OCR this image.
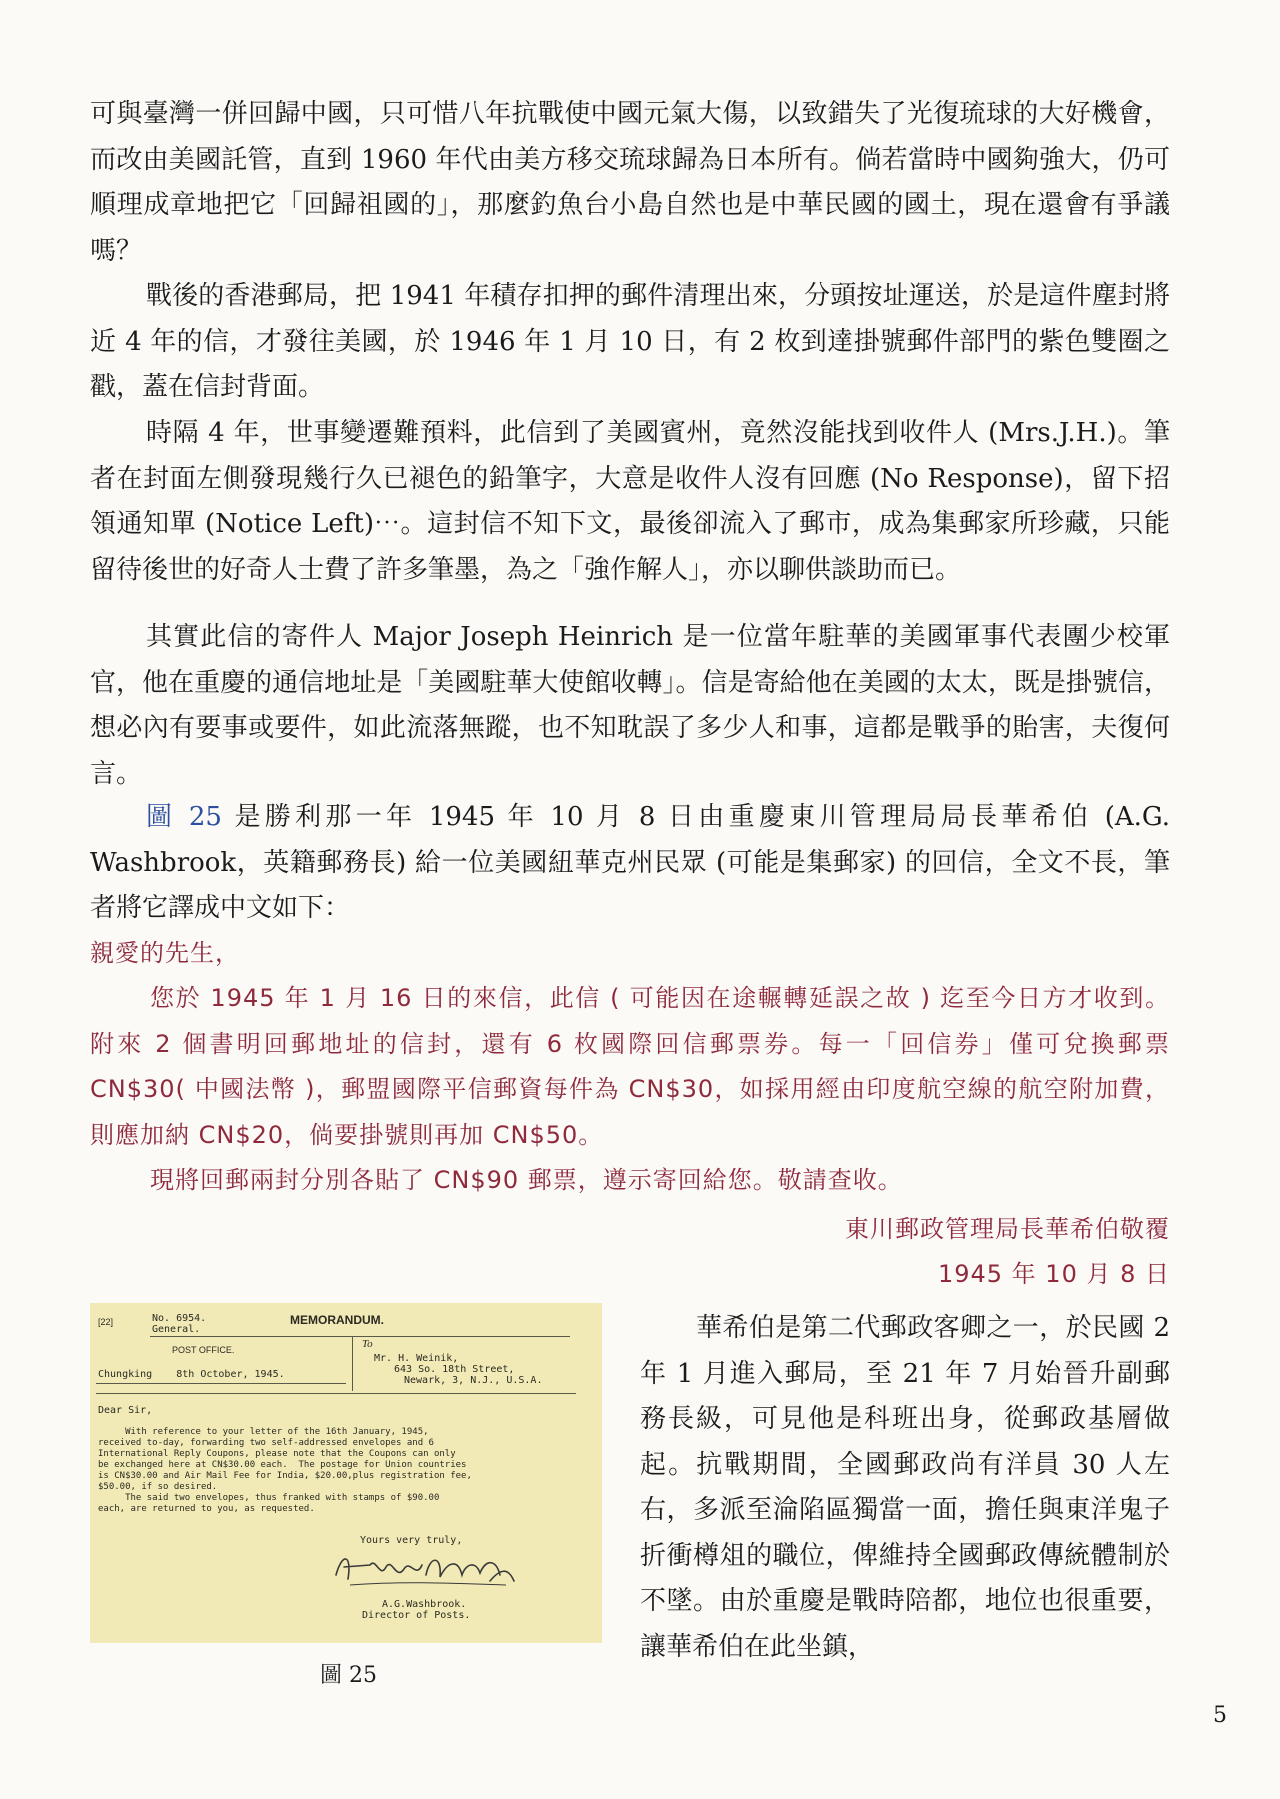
可與臺灣一併回歸中國，只可惜八年抗戰使中國元氣大傷，以致錯失了光復琉球的大好機會，而改由美國託管，直到 1960 年代由美方移交琉球歸為日本所有。倘若當時中國夠強大，仍可順理成章地把它「回歸祖國的」，那麼釣魚台小島自然也是中華民國的國土，現在還會有爭議嗎？

戰後的香港郵局，把 1941 年積存扣押的郵件清理出來，分頭按址運送，於是這件塵封將近 4 年的信，才發往美國，於 1946 年 1 月 10 日，有 2 枚到達掛號郵件部門的紫色雙圈之戳，蓋在信封背面。

時隔 4 年，世事變遷難預料，此信到了美國賓州，竟然沒能找到收件人 (Mrs.J.H.)。筆者在封面左側發現幾行久已褪色的鉛筆字，大意是收件人沒有回應 (No Response)，留下招領通知單 (Notice Left)⋯。這封信不知下文，最後卻流入了郵市，成為集郵家所珍藏，只能留待後世的好奇人士費了許多筆墨，為之「強作解人」，亦以聊供談助而已。

其實此信的寄件人 Major Joseph Heinrich 是一位當年駐華的美國軍事代表團少校軍官，他在重慶的通信地址是「美國駐華大使館收轉」。信是寄給他在美國的太太，既是掛號信，想必內有要事或要件，如此流落無蹤，也不知耽誤了多少人和事，這都是戰爭的貽害，夫復何言。

圖 25 是勝利那一年 1945 年 10 月 8 日由重慶東川管理局局長華希伯 (A.G. Washbrook，英籍郵務長) 給一位美國紐華克州民眾 (可能是集郵家) 的回信，全文不長，筆者將它譯成中文如下：

親愛的先生，

您於 1945 年 1 月 16 日的來信，此信 ( 可能因在途輾轉延誤之故 ) 迄至今日方才收到。附來 2 個書明回郵地址的信封，還有 6 枚國際回信郵票券。每一「回信券」僅可兌換郵票 CN$30( 中國法幣 )，郵盟國際平信郵資每件為 CN$30，如採用經由印度航空線的航空附加費，則應加納 CN$20，倘要掛號則再加 CN$50。

現將回郵兩封分別各貼了 CN$90 郵票，遵示寄回給您。敬請查收。

東川郵政管理局長華希伯敬覆

1945 年 10 月 8 日

[22]	No. 6954.
General.
MEMORANDUM.
POST OFFICE.	To
Mr. H. Weinik,
643 So. 18th Street,
Newark, 3, N.J., U.S.A.
Chungking    8th October, 1945.
Dear Sir,
With reference to your letter of the 16th January, 1945,
received to-day, forwarding two self-addressed envelopes and 6
International Reply Coupons, please note that the Coupons can only
be exchanged here at CN$30.00 each.  The postage for Union countries
is CN$30.00 and Air Mail Fee for India, $20.00,plus registration fee,
$50.00, if so desired.
The said two envelopes, thus franked with stamps of $90.00
each, are returned to you, as requested.
Yours very truly,
A.G.Washbrook.
Director of Posts.

圖 25

華希伯是第二代郵政客卿之一，於民國 2 年 1 月進入郵局，至 21 年 7 月始晉升副郵務長級，可見他是科班出身，從郵政基層做起。抗戰期間，全國郵政尚有洋員 30 人左右，多派至淪陷區獨當一面，擔任與東洋鬼子折衝樽俎的職位，俾維持全國郵政傳統體制於不墜。由於重慶是戰時陪都，地位也很重要，讓華希伯在此坐鎮，

5
